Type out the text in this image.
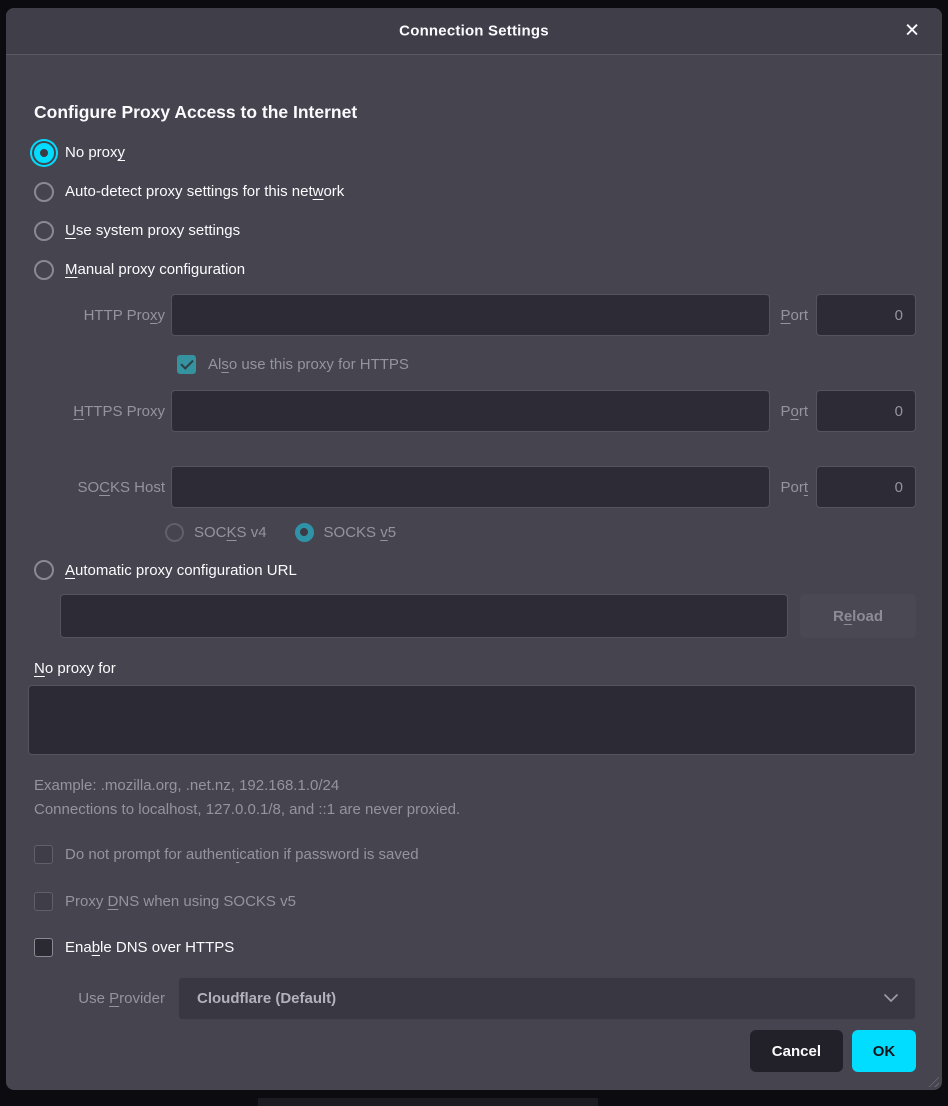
Connection Settings	✕
Configure Proxy Access to the Internet
No proxy
Auto-detect proxy settings for this network
Use system proxy settings
Manual proxy configuration
HTTP Proxy	Port
0
Also use this proxy for HTTPS
HTTPS Proxy	Port
0
SOCKS Host	Port
0
SOCKS v4	SOCKS v5
Automatic proxy configuration URL
Reload
No proxy for
Example: .mozilla.org, .net.nz, 192.168.1.0/24
Connections to localhost, 127.0.0.1/8, and ::1 are never proxied.
Do not prompt for authentication if password is saved
Proxy DNS when using SOCKS v5
Enable DNS over HTTPS
Use Provider Cloudflare (Default)
Cancel	OK
